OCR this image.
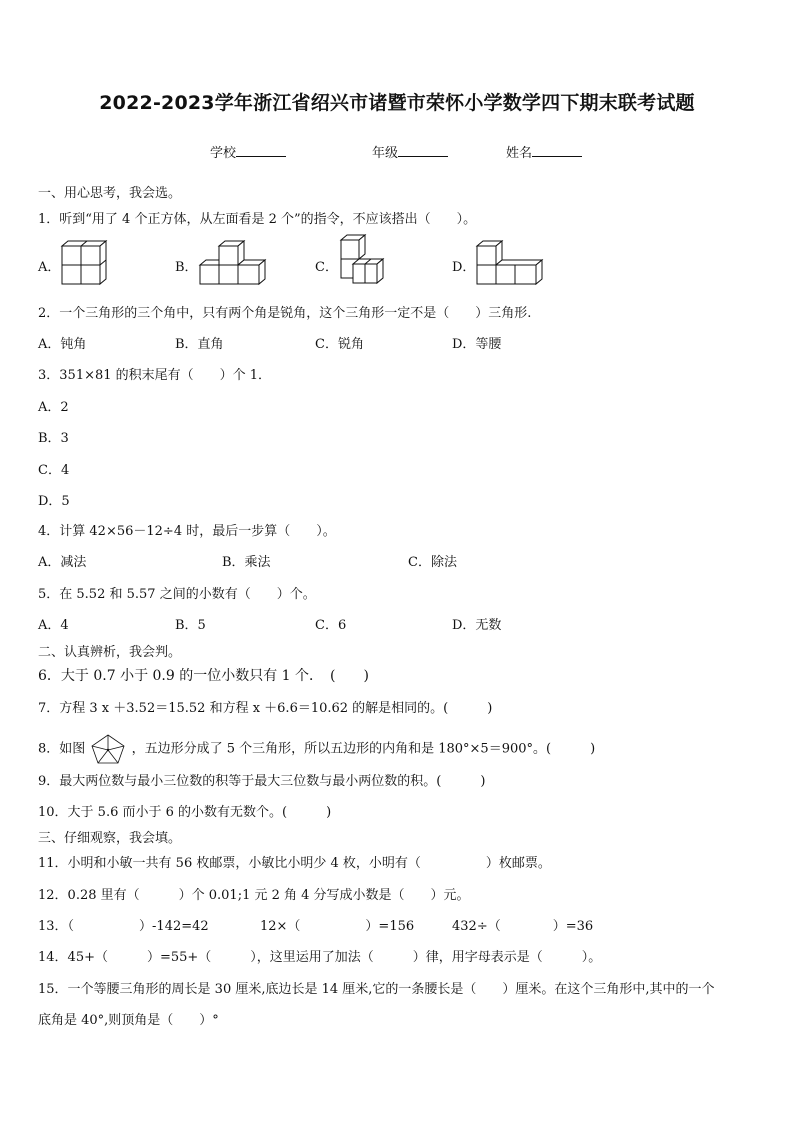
2022-2023学年浙江省绍兴市诸暨市荣怀小学数学四下期末联考试题
学校	年级	姓名
一、用心思考，我会选。
1．听到“用了 4 个正方体，从左面看是 2 个”的指令，不应该搭出（　　）。
A．	B．	C．	D．
2．一个三角形的三个角中，只有两个角是锐角，这个三角形一定不是（　　）三角形.
A．钝角	B．直角	C．锐角	D．等腰
3．351×81 的积末尾有（　　）个 1．
A．2
B．3
C．4
D．5
4．计算 42×56－12÷4 时，最后一步算（　　）。
A．减法	B．乘法	C．除法
5．在 5.52 和 5.57 之间的小数有（　　）个。
A．4	B．5	C．6	D．无数
二、认真辨析，我会判。
6．大于 0.7 小于 0.9 的一位小数只有 1 个．　(　　)
7．方程 3 x ＋3.52＝15.52 和方程 x ＋6.6＝10.62 的解是相同的。(　　　)
8．如图	，五边形分成了 5 个三角形，所以五边形的内角和是 180°×5＝900°。(　　　)
9．最大两位数与最小三位数的积等于最大三位数与最小两位数的积。(　　　)
10．大于 5.6 而小于 6 的小数有无数个。(　　　)
三、仔细观察，我会填。
11．小明和小敏一共有 56 枚邮票，小敏比小明少 4 枚，小明有（　　　　　）枚邮票。
12．0.28 里有（　　　）个 0.01;1 元 2 角 4 分写成小数是（　　）元。
13．（　　　　　）-142=42	12×（　　　　　）=156	432÷（　　　　）=36
14．45+（　　　）=55+（　　　），这里运用了加法（　　　）律，用字母表示是（　　　）。
15．一个等腰三角形的周长是 30 厘米,底边长是 14 厘米,它的一条腰长是（　　）厘米。在这个三角形中,其中的一个
底角是 40°,则顶角是（　　）°
